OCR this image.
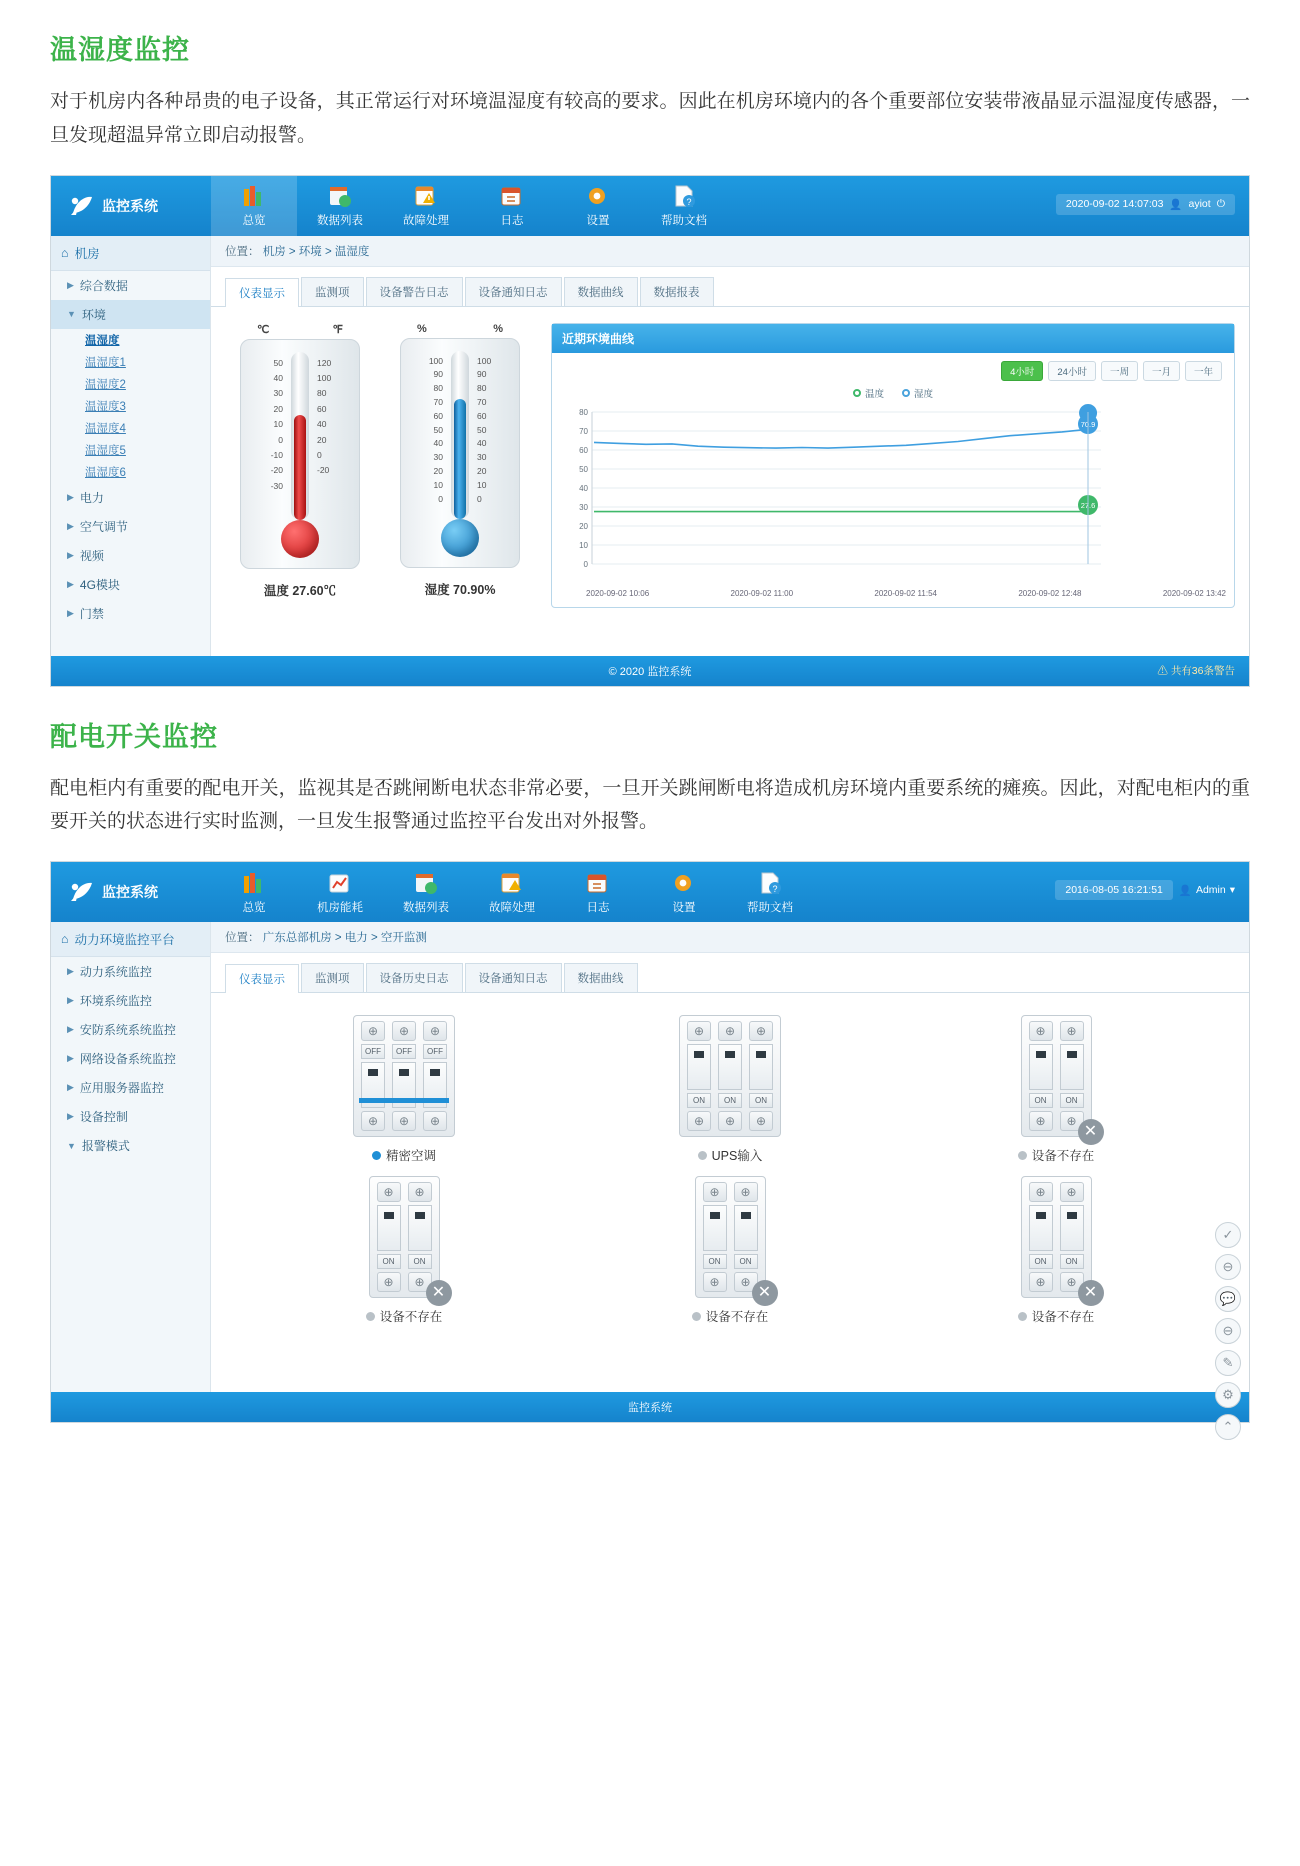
温湿度监控

对于机房内各种昂贵的电子设备，其正常运行对环境温湿度有较高的要求。因此在机房环境内的各个重要部位安装带液晶显示温湿度传感器，一旦发现超温异常立即启动报警。

监控系统
总览	数据列表	故障处理	日志	设置
?
帮助文档
2020-09-02 14:07:03 👤 ayiot ⏻
⌂ 机房
▶ 综合数据
▼ 环境
温湿度
温湿度1
温湿度2
温湿度3
温湿度4
温湿度5
温湿度6
▶ 电力
▶ 空气调节
▶ 视频
▶ 4G模块
▶ 门禁
位置： 机房 > 环境 > 温湿度
仪表显示	监测项	设备警告日志	设备通知日志	数据曲线	数据报表
℃	℉
50
40
30
20
10
0
-10
-20
-30
120
100
80
60
40
20
0
-20
温度 27.60℃
%	%
100
90
80
70
60
50
40
30
20
10
0
100
90
80
70
60
50
40
30
20
10
0
湿度 70.90%
近期环境曲线
4小时	24小时	一周	一月	一年
温度	湿度
80
70
60
50
40
30
20
10
0
70.9
27.6
2020-09-02 10:06	2020-09-02 11:00	2020-09-02 11:54	2020-09-02 12:48	2020-09-02 13:42
© 2020 监控系统	⚠ 共有36条警告
配电开关监控

配电柜内有重要的配电开关，监视其是否跳闸断电状态非常必要，一旦开关跳闸断电将造成机房环境内重要系统的瘫痪。因此，对配电柜内的重要开关的状态进行实时监测，一旦发生报警通过监控平台发出对外报警。

监控系统
总览	机房能耗	数据列表	故障处理	日志	设置
?
帮助文档
2016-08-05 16:21:51 👤 Admin ▾
⌂ 动力环境监控平台
▶ 动力系统监控
▶ 环境系统监控
▶ 安防系统系统监控
▶ 网络设备系统监控
▶ 应用服务器监控
▶ 设备控制
▼ 报警模式
位置： 广东总部机房 > 电力 > 空开监测
仪表显示	监测项	设备历史日志	设备通知日志	数据曲线
⊕
OFF
⊕
⊕
OFF
⊕
⊕
OFF
⊕
精密空调
⊕
ON
⊕
⊕
ON
⊕
⊕
ON
⊕
UPS输入
⊕
ON
⊕
⊕
ON
⊕
✕
设备不存在
⊕
ON
⊕
⊕
ON
⊕
✕
设备不存在
⊕
ON
⊕
⊕
ON
⊕
✕
设备不存在
⊕
ON
⊕
⊕
ON
⊕
✕
设备不存在
✓
⊖
💬
⊖
✎
⚙
⌃
监控系统
